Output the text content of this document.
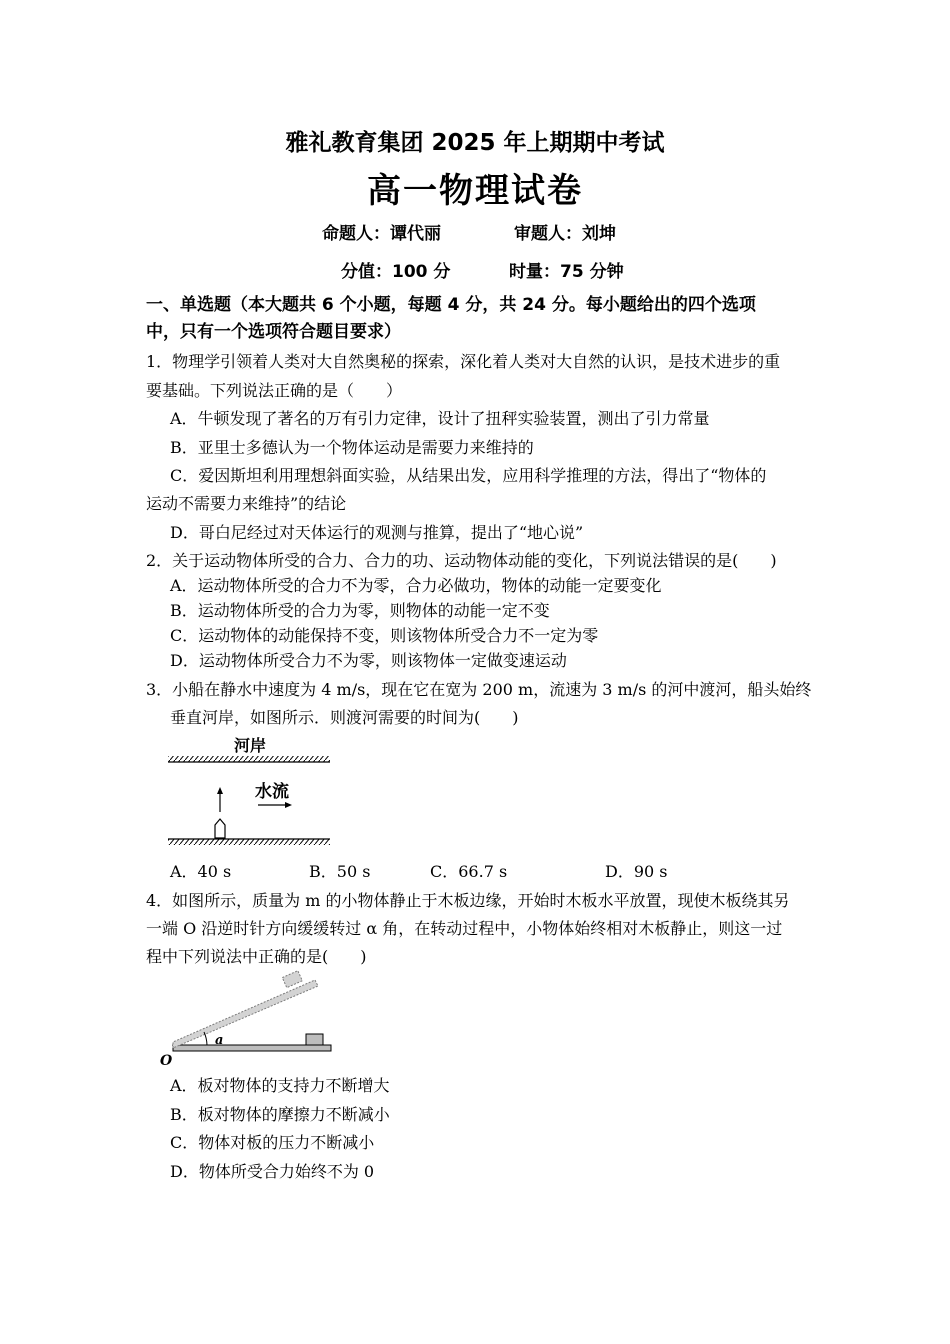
雅礼教育集团 2025 年上期期中考试
高一物理试卷
命题人：谭代丽	审题人：刘坤
分值：100 分	时量：75 分钟
一、单选题（本大题共 6 个小题，每题 4 分，共 24 分。每小题给出的四个选项
中，只有一个选项符合题目要求）
1．物理学引领着人类对大自然奥秘的探索，深化着人类对大自然的认识，是技术进步的重
要基础。下列说法正确的是（　　）
A．牛顿发现了著名的万有引力定律，设计了扭秤实验装置，测出了引力常量
B．亚里士多德认为一个物体运动是需要力来维持的
C．爱因斯坦利用理想斜面实验，从结果出发，应用科学推理的方法，得出了“物体的
运动不需要力来维持”的结论
D．哥白尼经过对天体运行的观测与推算，提出了“地心说”
2．关于运动物体所受的合力、合力的功、运动物体动能的变化，下列说法错误的是(　　)
A．运动物体所受的合力不为零，合力必做功，物体的动能一定要变化
B．运动物体所受的合力为零，则物体的动能一定不变
C．运动物体的动能保持不变，则该物体所受合力不一定为零
D．运动物体所受合力不为零，则该物体一定做变速运动
3．小船在静水中速度为 4 m/s，现在它在宽为 200 m，流速为 3 m/s 的河中渡河，船头始终
垂直河岸，如图所示．则渡河需要的时间为(　　)
河岸
水流
A．40 s	B．50 s	C．66.7 s	D．90 s
4．如图所示，质量为 m 的小物体静止于木板边缘，开始时木板水平放置，现使木板绕其另
一端 O 沿逆时针方向缓缓转过 α 角，在转动过程中，小物体始终相对木板静止，则这一过
程中下列说法中正确的是(　　)
a
O
A．板对物体的支持力不断增大
B．板对物体的摩擦力不断减小
C．物体对板的压力不断减小
D．物体所受合力始终不为 0
